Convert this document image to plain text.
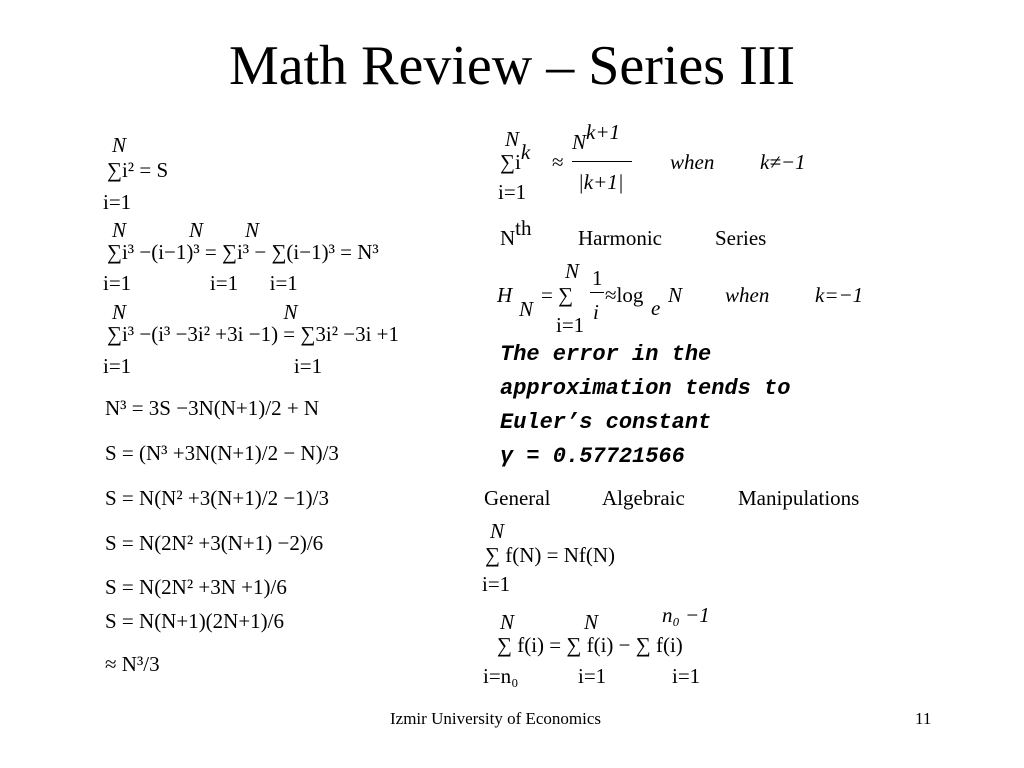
Math Review – Series III
N
∑i² = S
i=1
N            N        N
∑i³ −(i−1)³ = ∑i³ − ∑(i−1)³ = N³
i=1               i=1      i=1
N                              N
∑i³ −(i³ −3i² +3i −1) = ∑3i² −3i +1
i=1                               i=1
N³ = 3S −3N(N+1)/2 + N
S = (N³ +3N(N+1)/2 − N)/3
S = N(N² +3(N+1)/2 −1)/3
S = N(2N² +3(N+1) −2)/6
S = N(2N² +3N +1)/6
S = N(N+1)(2N+1)/6
≈ N³/3
N
∑ik ≈
Nk+1
|k+1|
when k≠−1
i=1
Nth Harmonic	Series
N
H
N
= ∑
1
i
≈log
e
N when k=−1
i=1
The error in the
approximation tends to
Euler’s constant
γ = 0.57721566
General Algebraic	Manipulations
N
∑ f(N) = Nf(N)
i=1
N	N	n₀ −1
∑ f(i) = ∑ f(i) − ∑ f(i)
i=n₀	i=1	i=1
Izmir University of Economics	11
